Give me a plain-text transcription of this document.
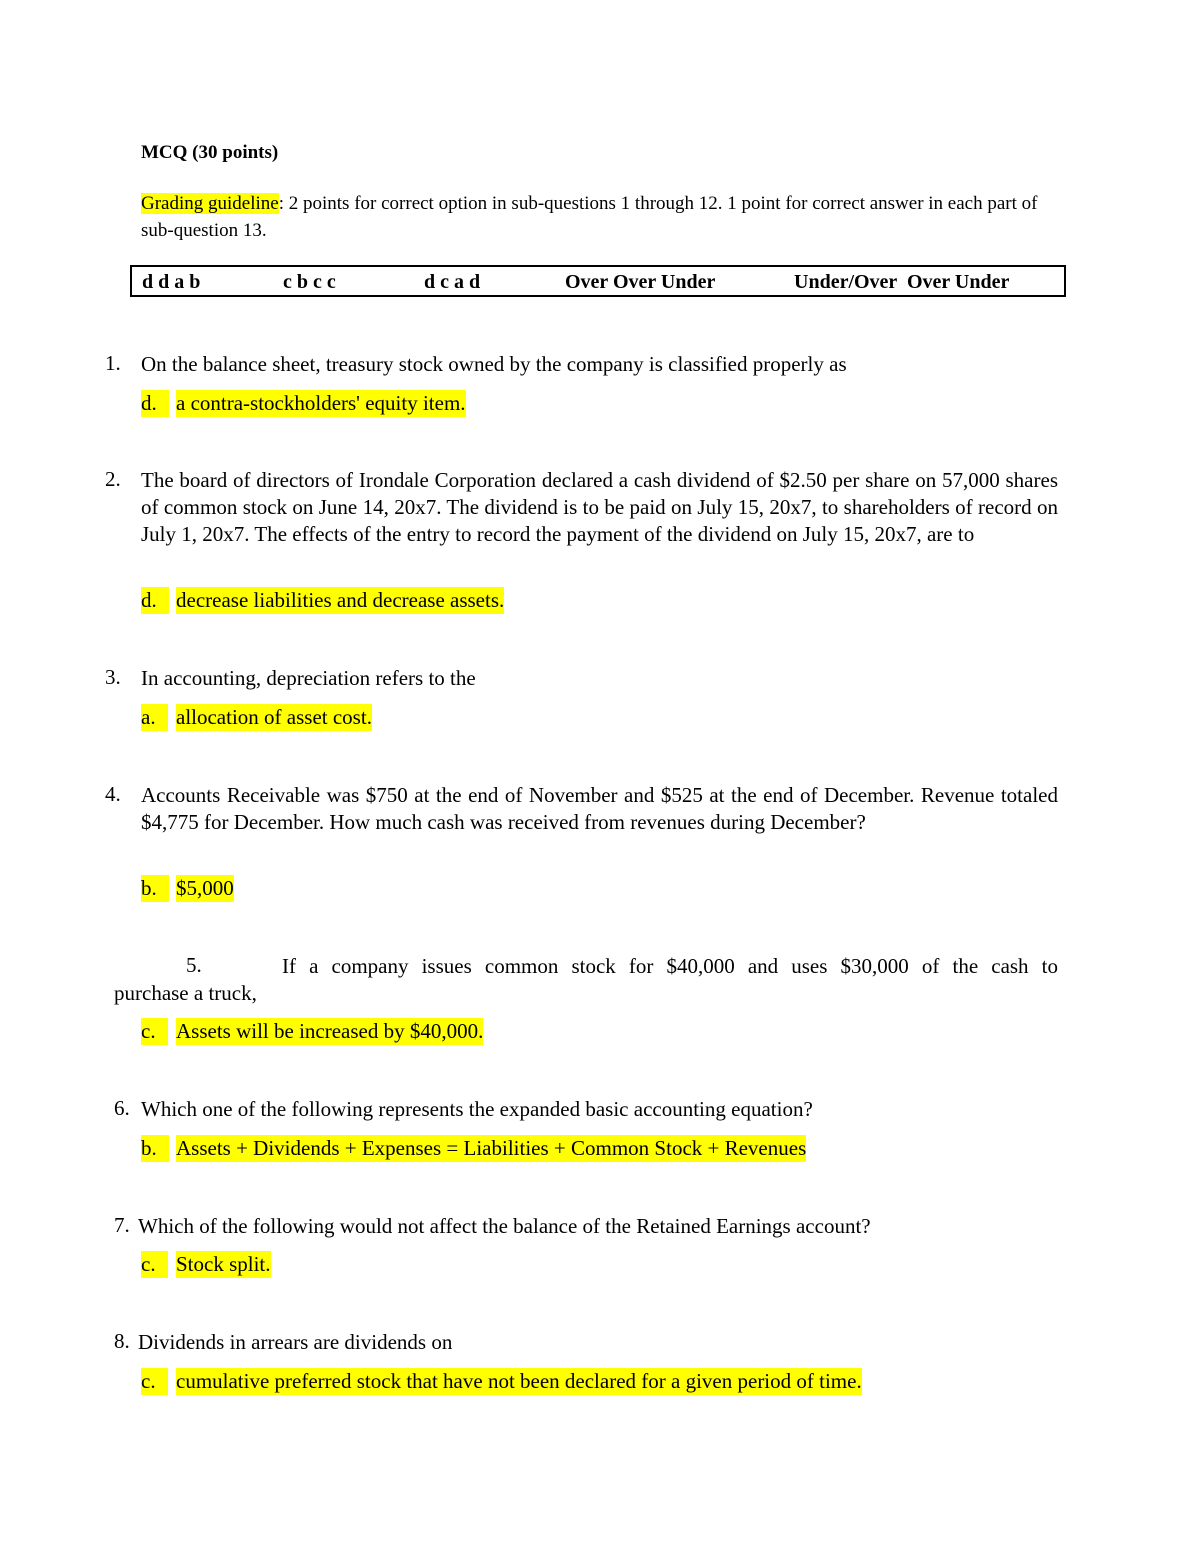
MCQ (30 points)
Grading guideline: 2 points for correct option in sub-questions 1 through 12. 1 point for correct answer in each part of sub-question 13.
d d a b	c b c c	d c a d	Over Over Under	Under/Over  Over Under
1. On the balance sheet, treasury stock owned by the company is classified properly as
d. a contra-stockholders' equity item.
2. The board of directors of Irondale Corporation declared a cash dividend of $2.50 per share on 57,000 shares of common stock on June 14, 20x7. The dividend is to be paid on July 15, 20x7, to shareholders of record on July 1, 20x7. The effects of the entry to record the payment of the dividend on July 15, 20x7, are to
d. decrease liabilities and decrease assets.
3. In accounting, depreciation refers to the
a. allocation of asset cost.
4. Accounts Receivable was $750 at the end of November and $525 at the end of December. Revenue totaled $4,775 for December. How much cash was received from revenues during December?
b. $5,000
5.	If a company issues common stock for $40,000 and uses $30,000 of the cash to
purchase a truck,
c. Assets will be increased by $40,000.
6. Which one of the following represents the expanded basic accounting equation?
b. Assets + Dividends + Expenses = Liabilities + Common Stock + Revenues
7. Which of the following would not affect the balance of the Retained Earnings account?
c. Stock split.
8. Dividends in arrears are dividends on
c. cumulative preferred stock that have not been declared for a given period of time.
